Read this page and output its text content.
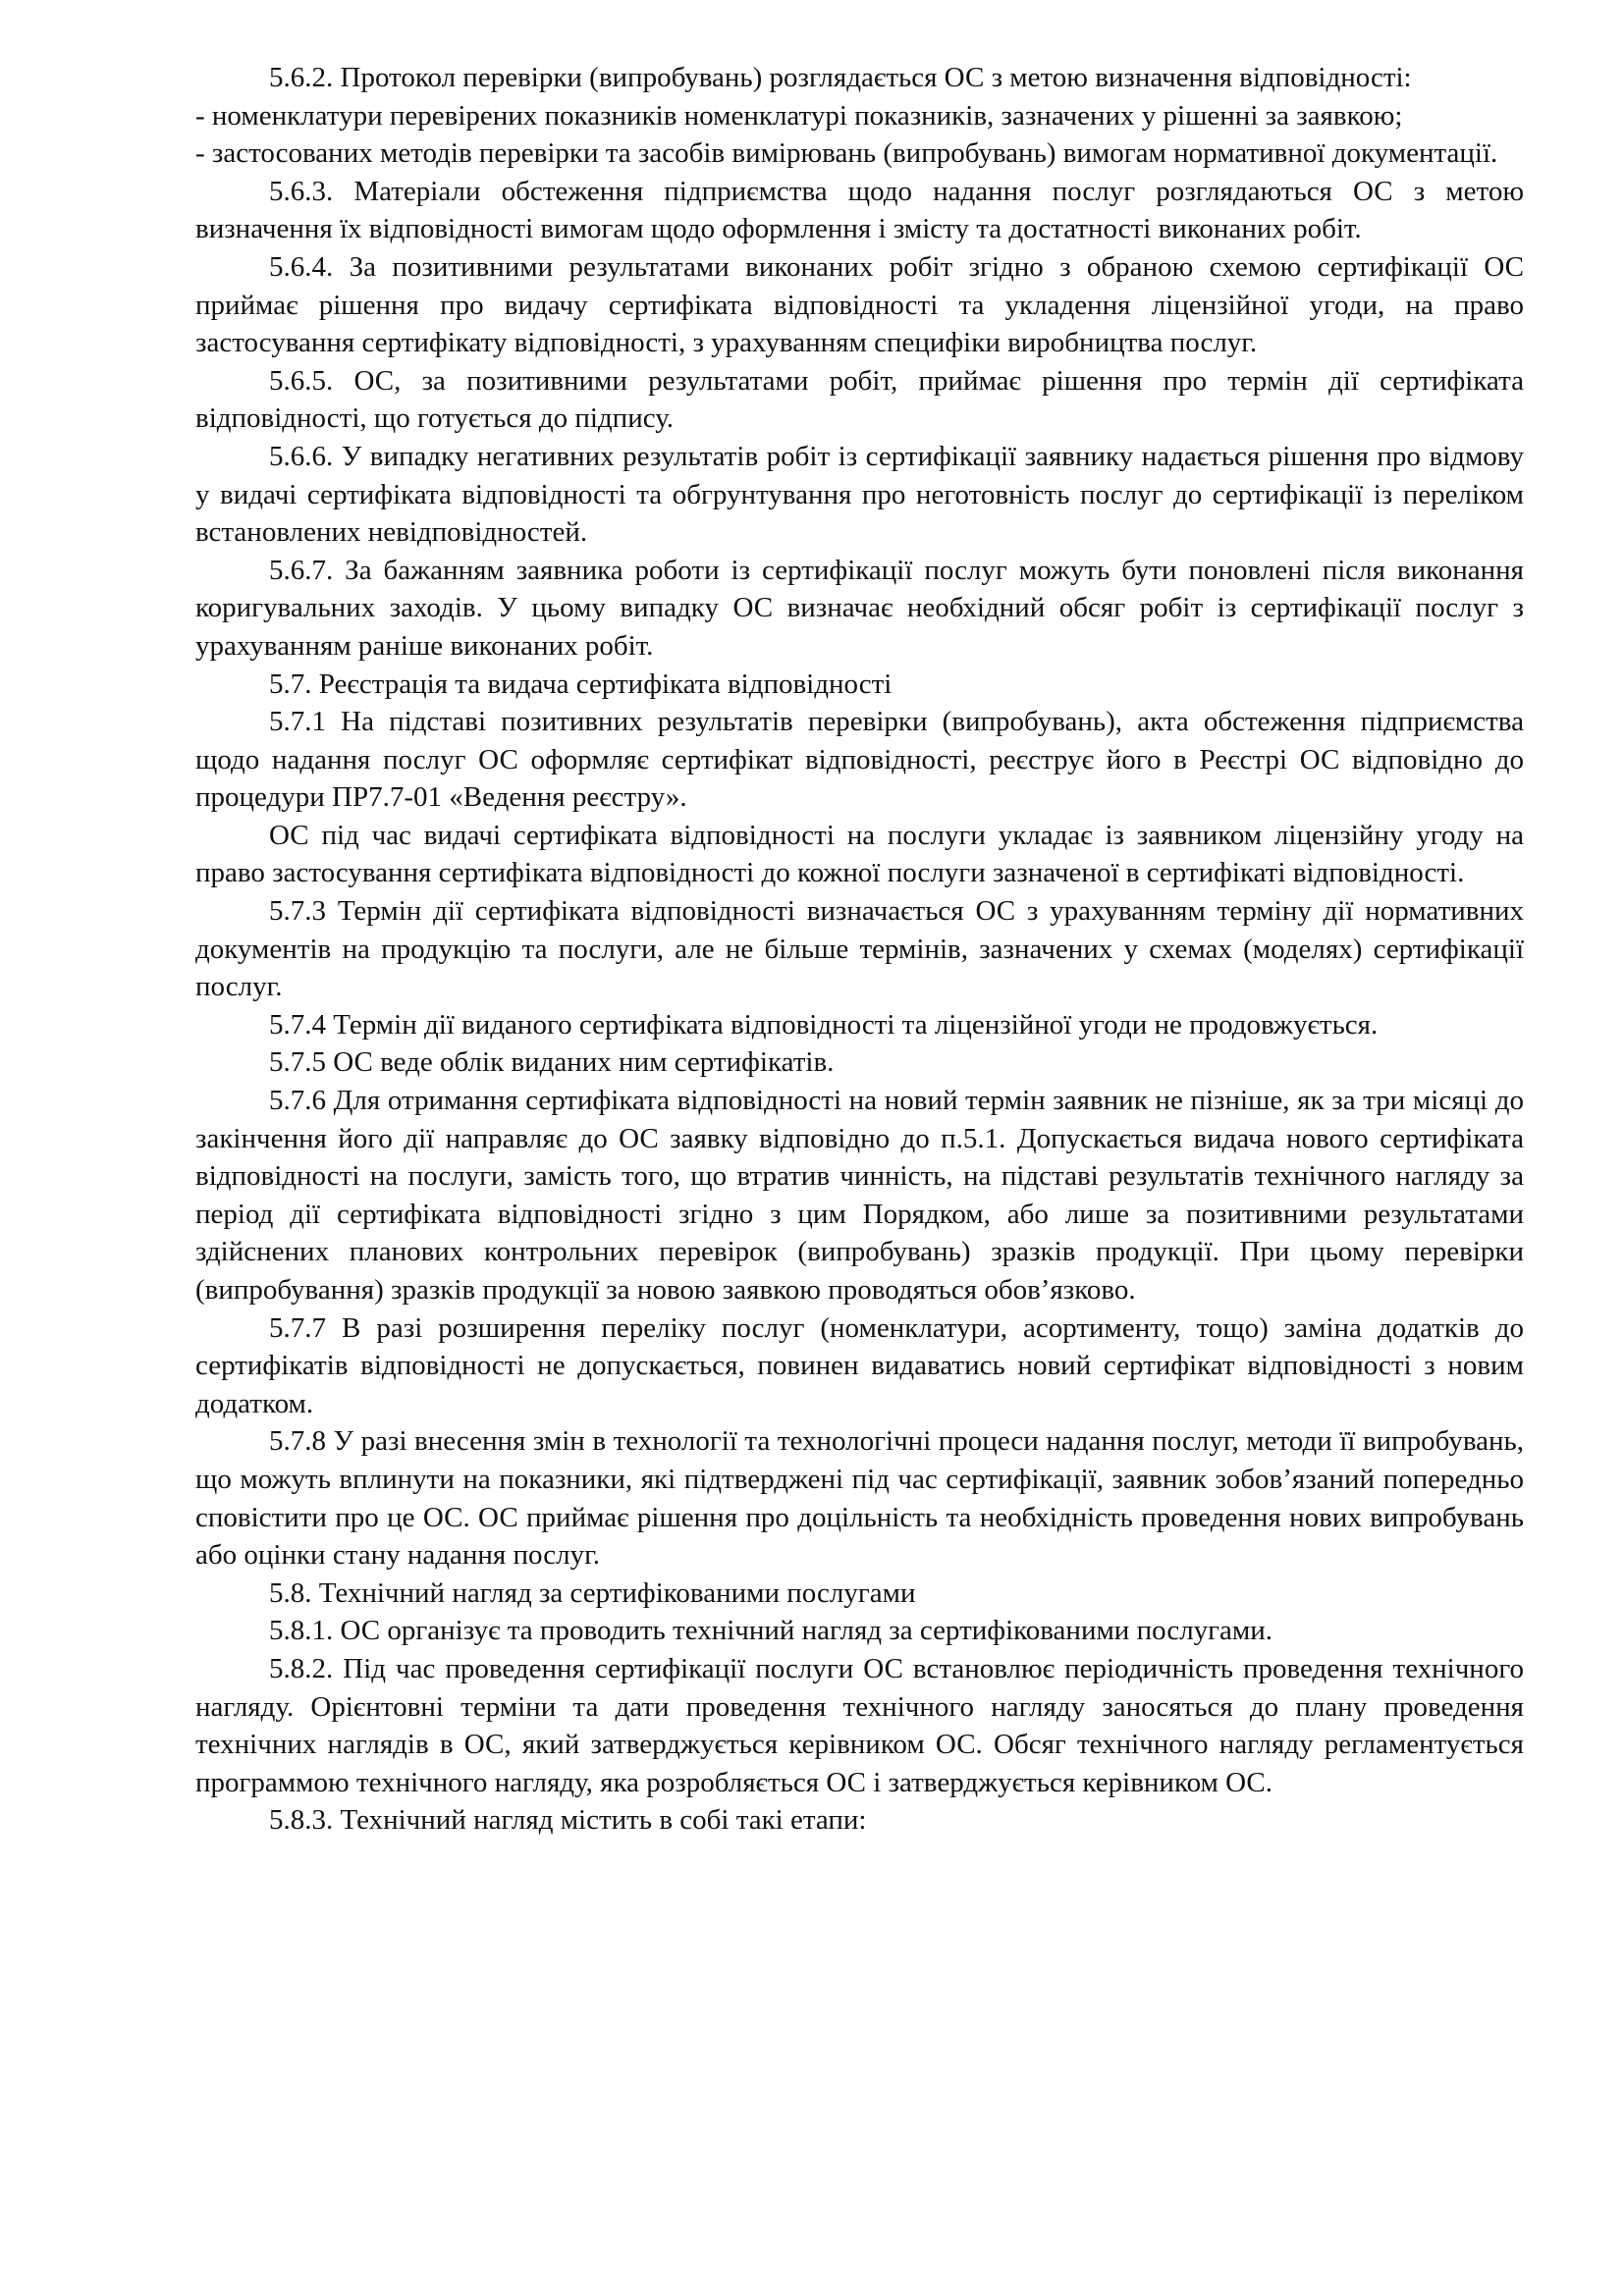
5.6.2. Протокол перевірки (випробувань) розглядається ОС з метою визначення відповідності:

- номенклатури перевірених показників номенклатурі показників, зазначених у рішенні за заявкою;

- застосованих методів перевірки та засобів вимірювань (випробувань) вимогам нормативної документації.

5.6.3. Матеріали обстеження підприємства щодо надання послуг розглядаються ОС з метою визначення їх відповідності вимогам щодо оформлення і змісту та достатності виконаних робіт.

5.6.4. За позитивними результатами виконаних робіт згідно з обраною схемою сертифікації ОС приймає рішення про видачу сертифіката відповідності та укладення ліцензійної угоди, на право застосування сертифікату відповідності, з урахуванням специфіки виробництва послуг.

5.6.5. ОС, за позитивними результатами робіт, приймає рішення про термін дії сертифіката відповідності, що готується до підпису.

5.6.6. У випадку негативних результатів робіт із сертифікації заявнику надається рішення про відмову у видачі сертифіката відповідності та обгрунтування про неготовність послуг до сертифікації із переліком встановлених невідповідностей.

5.6.7. За бажанням заявника роботи із сертифікації послуг можуть бути поновлені після виконання коригувальних заходів. У цьому випадку ОС визначає необхідний обсяг робіт із сертифікації послуг з урахуванням раніше виконаних робіт.

5.7. Реєстрація та видача сертифіката відповідності

5.7.1 На підставі позитивних результатів перевірки (випробувань), акта обстеження підприємства щодо надання послуг ОС оформляє сертифікат відповідності, реєструє його в Реєстрі ОС відповідно до процедури ПР7.7-01 «Ведення реєстру».

ОС під час видачі сертифіката відповідності на послуги укладає із заявником ліцензійну угоду на право застосування сертифіката відповідності до кожної послуги зазначеної в сертифікаті відповідності.

5.7.3 Термін дії сертифіката відповідності визначається ОС з урахуванням терміну дії нормативних документів на продукцію та послуги, але не більше термінів, зазначених у схемах (моделях) сертифікації послуг.

5.7.4 Термін дії виданого сертифіката відповідності та ліцензійної угоди не продовжується.

5.7.5 ОС веде облік виданих ним сертифікатів.

5.7.6 Для отримання сертифіката відповідності на новий термін заявник не пізніше, як за три місяці до закінчення його дії направляє до ОС заявку відповідно до п.5.1. Допускається видача нового сертифіката відповідності на послуги, замість того, що втратив чинність, на підставі результатів технічного нагляду за період дії сертифіката відповідності згідно з цим Порядком, або лише за позитивними результатами здійснених планових контрольних перевірок (випробувань) зразків продукції. При цьому перевірки (випробування) зразків продукції за новою заявкою проводяться обов’язково.

5.7.7 В разі розширення переліку послуг (номенклатури, асортименту, тощо) заміна додатків до сертифікатів відповідності не допускається, повинен видаватись новий сертифікат відповідності з новим додатком.

5.7.8 У разі внесення змін в технології та технологічні процеси надання послуг, методи її випробувань, що можуть вплинути на показники, які підтверджені під час сертифікації, заявник зобов’язаний попередньо сповістити про це ОС. ОС приймає рішення про доцільність та необхідність проведення нових випробувань або оцінки стану надання послуг.

5.8. Технічний нагляд за сертифікованими послугами

5.8.1. ОС організує та проводить технічний нагляд за сертифікованими послугами.

5.8.2. Під час проведення сертифікації послуги ОС встановлює періодичність проведення технічного нагляду. Орієнтовні терміни та дати проведення технічного нагляду заносяться до плану проведення технічних наглядів в ОС, який затверджується керівником ОС. Обсяг технічного нагляду регламентується программою технічного нагляду, яка розробляється ОС і затверджується керівником ОС.

5.8.3. Технічний нагляд містить в собі такі етапи:
